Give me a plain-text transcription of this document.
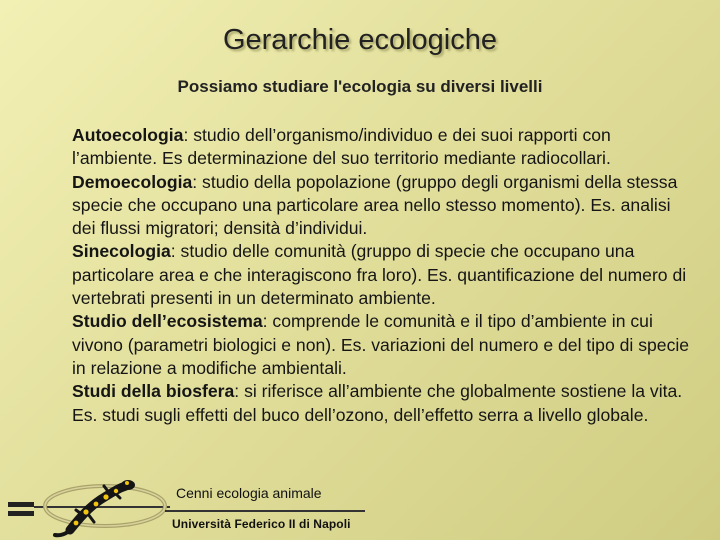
Gerarchie ecologiche
Possiamo studiare l'ecologia su diversi livelli

Autoecologia: studio dell’organismo/individuo e dei suoi rapporti con l’ambiente. Es determinazione del suo territorio mediante radiocollari.

Demoecologia: studio della popolazione (gruppo degli organismi della stessa specie che occupano una particolare area nello stesso momento). Es. analisi dei flussi migratori; densità d’individui.

Sinecologia: studio delle comunità (gruppo di specie che occupano una particolare area e che interagiscono fra loro). Es. quantificazione del numero di vertebrati presenti in un determinato ambiente.

Studio dell’ecosistema: comprende le comunità e il tipo d’ambiente in cui vivono (parametri biologici e non). Es. variazioni del numero e del tipo di specie in relazione a modifiche ambientali.

Studi della biosfera: si riferisce all’ambiente che globalmente sostiene la vita. Es. studi sugli effetti del buco dell’ozono, dell’effetto serra a livello globale.

Cenni ecologia animale
Università Federico II di Napoli
